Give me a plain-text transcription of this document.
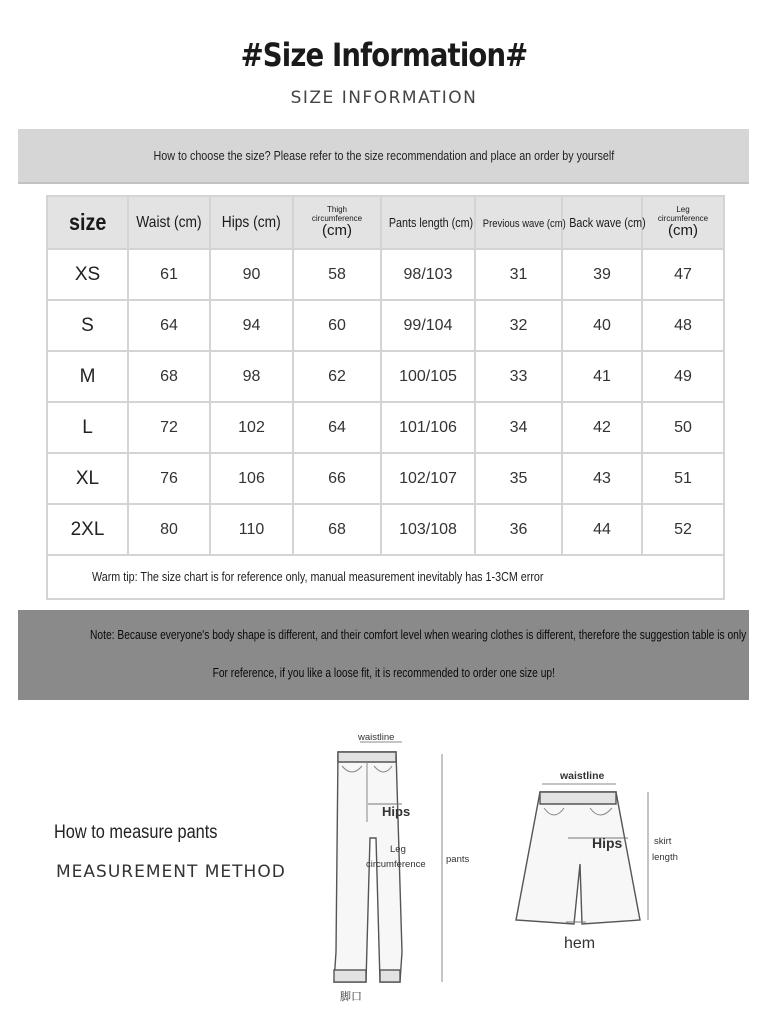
#Size Information#
SIZE INFORMATION
How to choose the size? Please refer to the size recommendation and place an order by yourself
size	Waist (cm)	Hips (cm)	Thigh
circumference
(cm)	Pants length (cm)	Previous wave (cm)	Back wave (cm)	Leg
circumference
(cm)

XS	61	90	58	98/103	31	39	47
S	64	94	60	99/104	32	40	48
M	68	98	62	100/105	33	41	49
L	72	102	64	101/106	34	42	50
XL	76	106	66	102/107	35	43	51
2XL	80	110	68	103/108	36	44	52
Warm tip: The size chart is for reference only, manual measurement inevitably has 1-3CM error							
Note: Because everyone's body shape is different, and their comfort level when wearing clothes is different, therefore the suggestion table is only
For reference, if you like a loose fit, it is recommended to order one size up!
How to measure pants
MEASUREMENT METHOD
waistline
Hips
Leg
circumference pants
脚口
waistline
Hips	skirt
length
hem
